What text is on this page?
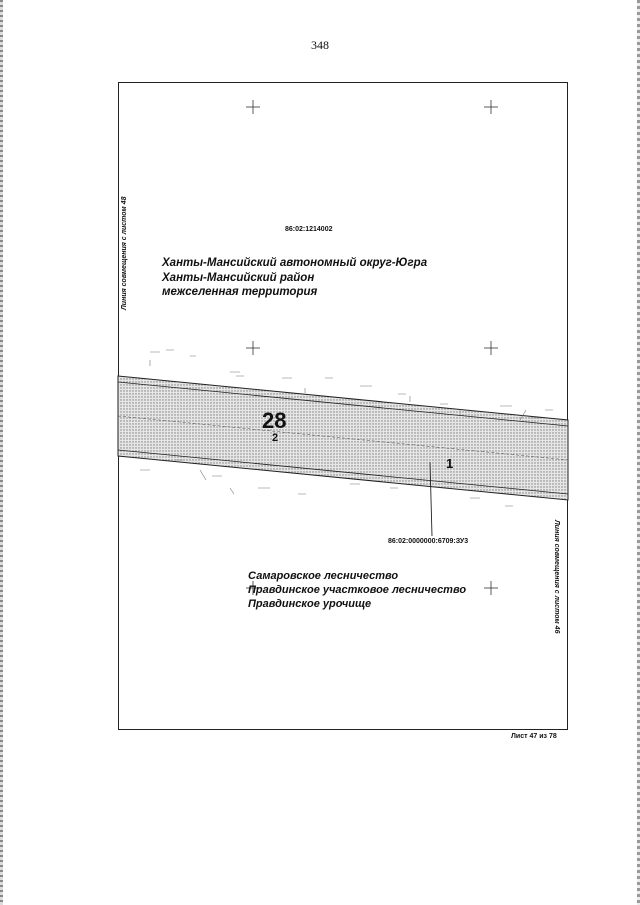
348
Линия совмещения с листом 48
Линия совмещения с листом 46
86:02:1214002
Ханты-Мансийский автономный округ-Югра
Ханты-Мансийский район
межселенная территория
28
2
1
86:02:0000000:6709:ЗУ3
Самаровское лесничество
Правдинское участковое лесничество
Правдинское урочище
Лист 47 из 78
